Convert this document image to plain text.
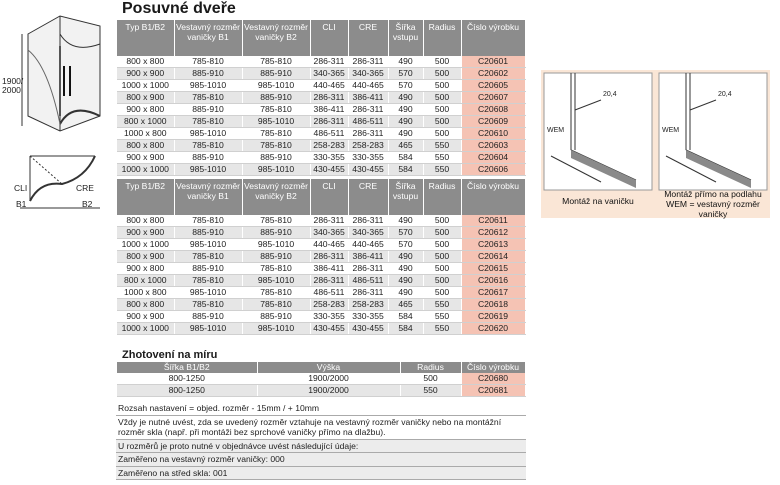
Posuvné dveře
1900/
2000
CLI	CRE
B1	B2
Typ B1/B2	Vestavný rozměr vaničky B1	Vestavný rozměr vaničky B2	CLI	CRE	Šířka vstupu	Radius	Číslo výrobku
800 x 800	785-810	785-810	286-311	286-311	490	500	C20601
900 x 900	885-910	885-910	340-365	340-365	570	500	C20602
1000 x 1000	985-1010	985-1010	440-465	440-465	570	500	C20605
800 x 900	785-810	885-910	286-311	386-411	490	500	C20607
900 x 800	885-910	785-810	386-411	286-311	490	500	C20608
800 x 1000	785-810	985-1010	286-311	486-511	490	500	C20609
1000 x 800	985-1010	785-810	486-511	286-311	490	500	C20610
800 x 800	785-810	785-810	258-283	258-283	465	550	C20603
900 x 900	885-910	885-910	330-355	330-355	584	550	C20604
1000 x 1000	985-1010	985-1010	430-455	430-455	584	550	C20606
Typ B1/B2	Vestavný rozměr vaničky B1	Vestavný rozměr vaničky B2	CLI	CRE	Šířka vstupu	Radius	Číslo výrobku
800 x 800	785-810	785-810	286-311	286-311	490	500	C20611
900 x 900	885-910	885-910	340-365	340-365	570	500	C20612
1000 x 1000	985-1010	985-1010	440-465	440-465	570	500	C20613
800 x 900	785-810	885-910	286-311	386-411	490	500	C20614
900 x 800	885-910	785-810	386-411	286-311	490	500	C20615
800 x 1000	785-810	985-1010	286-311	486-511	490	500	C20616
1000 x 800	985-1010	785-810	486-511	286-311	490	500	C20617
800 x 800	785-810	785-810	258-283	258-283	465	550	C20618
900 x 900	885-910	885-910	330-355	330-355	584	550	C20619
1000 x 1000	985-1010	985-1010	430-455	430-455	584	550	C20620
Zhotovení na míru
Šířka B1/B2	Výška	Radius	Číslo výrobku
800-1250	1900/2000	500	C20680
800-1250	1900/2000	550	C20681
Rozsah nastavení = objed. rozměr - 15mm / + 10mm
Vždy je nutné uvést, zda se uvedený rozměr vztahuje na vestavný rozměr vaničky nebo na montážní rozměr skla (např. při montáži bez sprchové vaničky přímo na dlažbu).
U rozměrů je proto nutné v objednávce uvést následující údaje:
Zaměřeno na vestavný rozměr vaničky: 000
Zaměřeno na střed skla: 001
20,4	20,4
WEM	WEM
Montáž na vaničku
Montáž přímo na podlahu WEM = vestavný rozměr vaničky
